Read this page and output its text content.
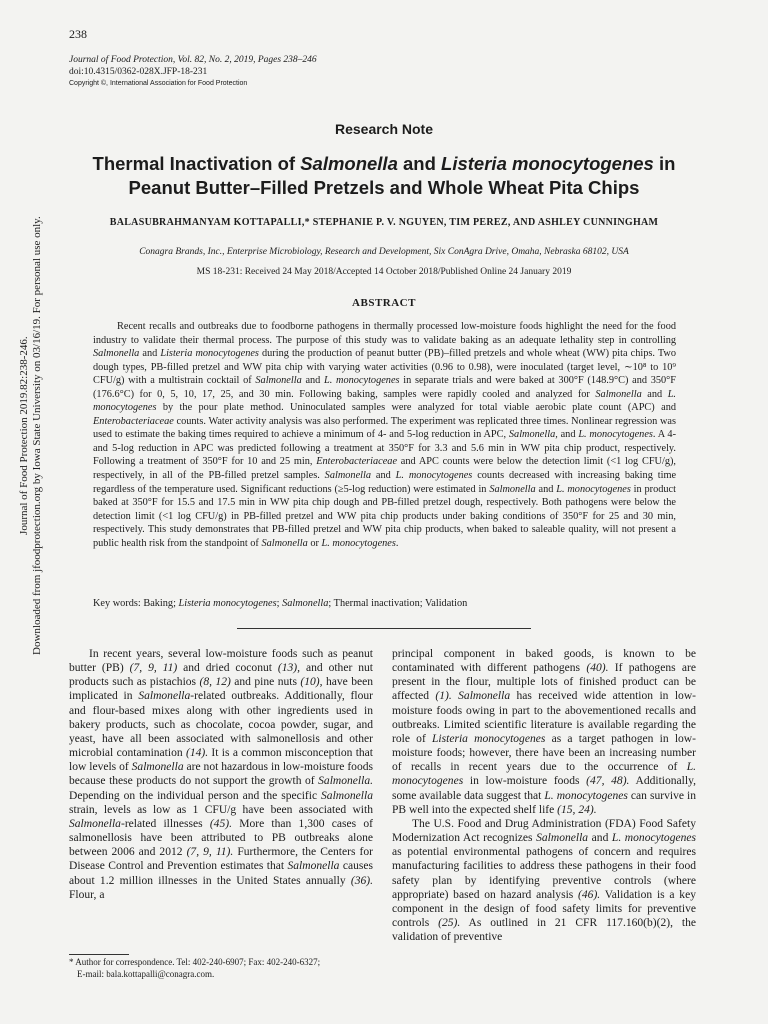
Journal of Food Protection 2019.82:238-246. Downloaded from jfoodprotection.org by Iowa State University on 03/16/19. For personal use only.
238
Journal of Food Protection, Vol. 82, No. 2, 2019, Pages 238–246
doi:10.4315/0362-028X.JFP-18-231
Copyright ©, International Association for Food Protection
Research Note
Thermal Inactivation of Salmonella and Listeria monocytogenes in
Peanut Butter–Filled Pretzels and Whole Wheat Pita Chips
BALASUBRAHMANYAM KOTTAPALLI,* STEPHANIE P. V. NGUYEN, TIM PEREZ, AND ASHLEY CUNNINGHAM
Conagra Brands, Inc., Enterprise Microbiology, Research and Development, Six ConAgra Drive, Omaha, Nebraska 68102, USA
MS 18-231: Received 24 May 2018/Accepted 14 October 2018/Published Online 24 January 2019
ABSTRACT
Recent recalls and outbreaks due to foodborne pathogens in thermally processed low-moisture foods highlight the need for the food industry to validate their thermal process. The purpose of this study was to validate baking as an adequate lethality step in controlling Salmonella and Listeria monocytogenes during the production of peanut butter (PB)–filled pretzels and whole wheat (WW) pita chips. Two dough types, PB-filled pretzel and WW pita chip with varying water activities (0.96 to 0.98), were inoculated (target level, ∼10⁸ to 10⁹ CFU/g) with a multistrain cocktail of Salmonella and L. monocytogenes in separate trials and were baked at 300°F (148.9°C) and 350°F (176.6°C) for 0, 5, 10, 17, 25, and 30 min. Following baking, samples were rapidly cooled and analyzed for Salmonella and L. monocytogenes by the pour plate method. Uninoculated samples were analyzed for total viable aerobic plate count (APC) and Enterobacteriaceae counts. Water activity analysis was also performed. The experiment was replicated three times. Nonlinear regression was used to estimate the baking times required to achieve a minimum of 4- and 5-log reduction in APC, Salmonella, and L. monocytogenes. A 4- and 5-log reduction in APC was predicted following a treatment at 350°F for 3.3 and 5.6 min in WW pita chip product, respectively. Following a treatment of 350°F for 10 and 25 min, Enterobacteriaceae and APC counts were below the detection limit (<1 log CFU/g), respectively, in all of the PB-filled pretzel samples. Salmonella and L. monocytogenes counts decreased with increasing baking time regardless of the temperature used. Significant reductions (≥5-log reduction) were estimated in Salmonella and L. monocytogenes in product baked at 350°F for 15.5 and 17.5 min in WW pita chip dough and PB-filled pretzel dough, respectively. Both pathogens were below the detection limit (<1 log CFU/g) in PB-filled pretzel and WW pita chip products under baking conditions of 350°F for 25 and 30 min, respectively. This study demonstrates that PB-filled pretzel and WW pita chip products, when baked to saleable quality, will not present a public health risk from the standpoint of Salmonella or L. monocytogenes.
Key words: Baking; Listeria monocytogenes; Salmonella; Thermal inactivation; Validation

In recent years, several low-moisture foods such as peanut butter (PB) (7, 9, 11) and dried coconut (13), and other nut products such as pistachios (8, 12) and pine nuts (10), have been implicated in Salmonella-related outbreaks. Additionally, flour and flour-based mixes along with other ingredients used in bakery products, such as chocolate, cocoa powder, sugar, and yeast, have all been associated with salmonellosis and other microbial contamination (14). It is a common misconception that low levels of Salmonella are not hazardous in low-moisture foods because these products do not support the growth of Salmonella. Depending on the individual person and the specific Salmonella strain, levels as low as 1 CFU/g have been associated with Salmonella-related illnesses (45). More than 1,300 cases of salmonellosis have been attributed to PB outbreaks alone between 2006 and 2012 (7, 9, 11). Furthermore, the Centers for Disease Control and Prevention estimates that Salmonella causes about 1.2 million illnesses in the United States annually (36). Flour, a

* Author for correspondence. Tel: 402-240-6907; Fax: 402-240-6327;
E-mail: bala.kottapalli@conagra.com.

principal component in baked goods, is known to be contaminated with different pathogens (40). If pathogens are present in the flour, multiple lots of finished product can be affected (1). Salmonella has received wide attention in low-moisture foods owing in part to the abovementioned recalls and outbreaks. Limited scientific literature is available regarding the role of Listeria monocytogenes as a target pathogen in low-moisture foods; however, there have been an increasing number of recalls in recent years due to the occurrence of L. monocytogenes in low-moisture foods (47, 48). Additionally, some available data suggest that L. monocytogenes can survive in PB well into the expected shelf life (15, 24).

The U.S. Food and Drug Administration (FDA) Food Safety Modernization Act recognizes Salmonella and L. monocytogenes as potential environmental pathogens of concern and requires manufacturing facilities to address these pathogens in their food safety plan by identifying preventive controls (where appropriate) based on hazard analysis (46). Validation is a key component in the design of food safety limits for preventive controls (25). As outlined in 21 CFR 117.160(b)(2), the validation of preventive
